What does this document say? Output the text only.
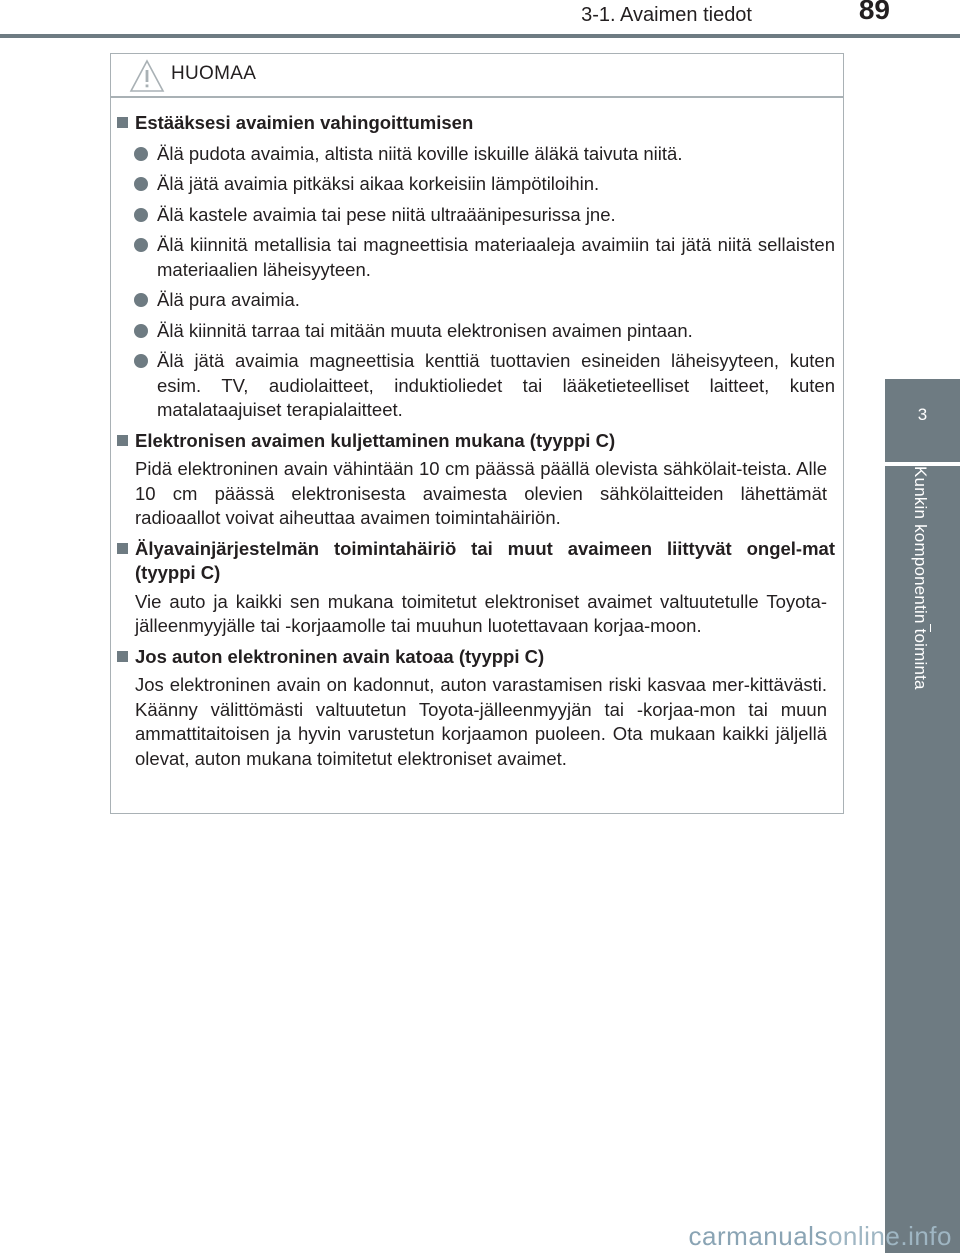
3-1. Avaimen tiedot	89
3
Kunkin komponentin toiminta
HUOMAA
Estääksesi avaimien vahingoittumisen
Älä pudota avaimia, altista niitä koville iskuille äläkä taivuta niitä.
Älä jätä avaimia pitkäksi aikaa korkeisiin lämpötiloihin.
Älä kastele avaimia tai pese niitä ultraäänipesurissa jne.
Älä kiinnitä metallisia tai magneettisia materiaaleja avaimiin tai jätä niitä sellaisten materiaalien läheisyyteen.
Älä pura avaimia.
Älä kiinnitä tarraa tai mitään muuta elektronisen avaimen pintaan.
Älä jätä avaimia magneettisia kenttiä tuottavien esineiden läheisyyteen, kuten esim. TV, audiolaitteet, induktioliedet tai lääketieteelliset laitteet, kuten matalataajuiset terapialaitteet.
Elektronisen avaimen kuljettaminen mukana (tyyppi C)
Pidä elektroninen avain vähintään 10 cm päässä päällä olevista sähkölait-teista. Alle 10 cm päässä elektronisesta avaimesta olevien sähkölaitteiden lähettämät radioaallot voivat aiheuttaa avaimen toimintahäiriön.
Älyavainjärjestelmän toimintahäiriö tai muut avaimeen liittyvät ongel-mat (tyyppi C)
Vie auto ja kaikki sen mukana toimitetut elektroniset avaimet valtuutetulle Toyota-jälleenmyyjälle tai -korjaamolle tai muuhun luotettavaan korjaa-moon.
Jos auton elektroninen avain katoaa (tyyppi C)
Jos elektroninen avain on kadonnut, auton varastamisen riski kasvaa mer-kittävästi. Käänny välittömästi valtuutetun Toyota-jälleenmyyjän tai -korjaa-mon tai muun ammattitaitoisen ja hyvin varustetun korjaamon puoleen. Ota mukaan kaikki jäljellä olevat, auton mukana toimitetut elektroniset avaimet.
carmanuals online.info
